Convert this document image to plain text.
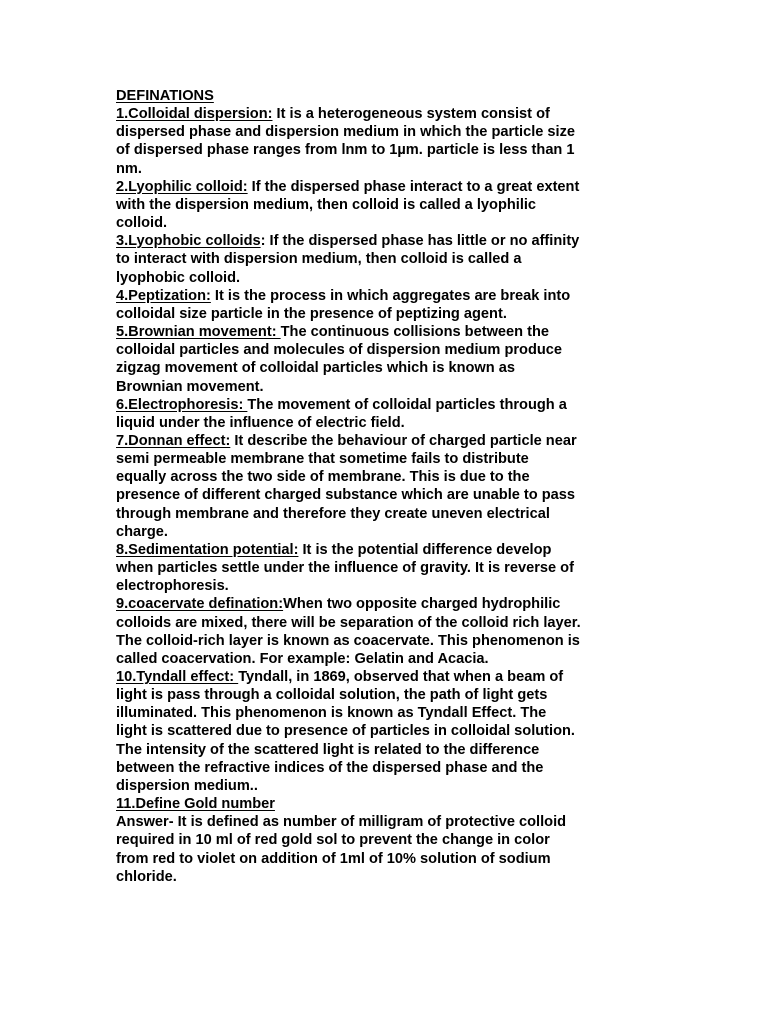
DEFINATIONS
1.Colloidal dispersion: It is a heterogeneous system consist of
dispersed phase and dispersion medium in which the particle size
of dispersed phase ranges from lnm to 1µm. particle is less than 1
nm.
2.Lyophilic colloid: If the dispersed phase interact to a great extent
with the dispersion medium, then colloid is called a lyophilic
colloid.
3.Lyophobic colloids: If the dispersed phase has little or no affinity
to interact with dispersion medium, then colloid is called a
lyophobic colloid.
4.Peptization: It is the process in which aggregates are break into
colloidal size particle in the presence of peptizing agent.
5.Brownian movement: The continuous collisions between the
colloidal particles and molecules of dispersion medium produce
zigzag movement of colloidal particles which is known as
Brownian movement.
6.Electrophoresis: The movement of colloidal particles through a
liquid under the influence of electric field.
7.Donnan effect: It describe the behaviour of charged particle near
semi permeable membrane that sometime fails to distribute
equally across the two side of membrane. This is due to the
presence of different charged substance which are unable to pass
through membrane and therefore they create uneven electrical
charge.
8.Sedimentation potential: It is the potential difference develop
when particles settle under the influence of gravity. It is reverse of
electrophoresis.
9.coacervate defination:When two opposite charged hydrophilic
colloids are mixed, there will be separation of the colloid rich layer.
The colloid-rich layer is known as coacervate. This phenomenon is
called coacervation. For example: Gelatin and Acacia.
10.Tyndall effect: Tyndall, in 1869, observed that when a beam of
light is pass through a colloidal solution, the path of light gets
illuminated. This phenomenon is known as Tyndall Effect. The
light is scattered due to presence of particles in colloidal solution.
The intensity of the scattered light is related to the difference
between the refractive indices of the dispersed phase and the
dispersion medium..
11.Define Gold number
Answer- It is defined as number of milligram of protective colloid
required in 10 ml of red gold sol to prevent the change in color
from red to violet on addition of 1ml of 10% solution of sodium
chloride.
